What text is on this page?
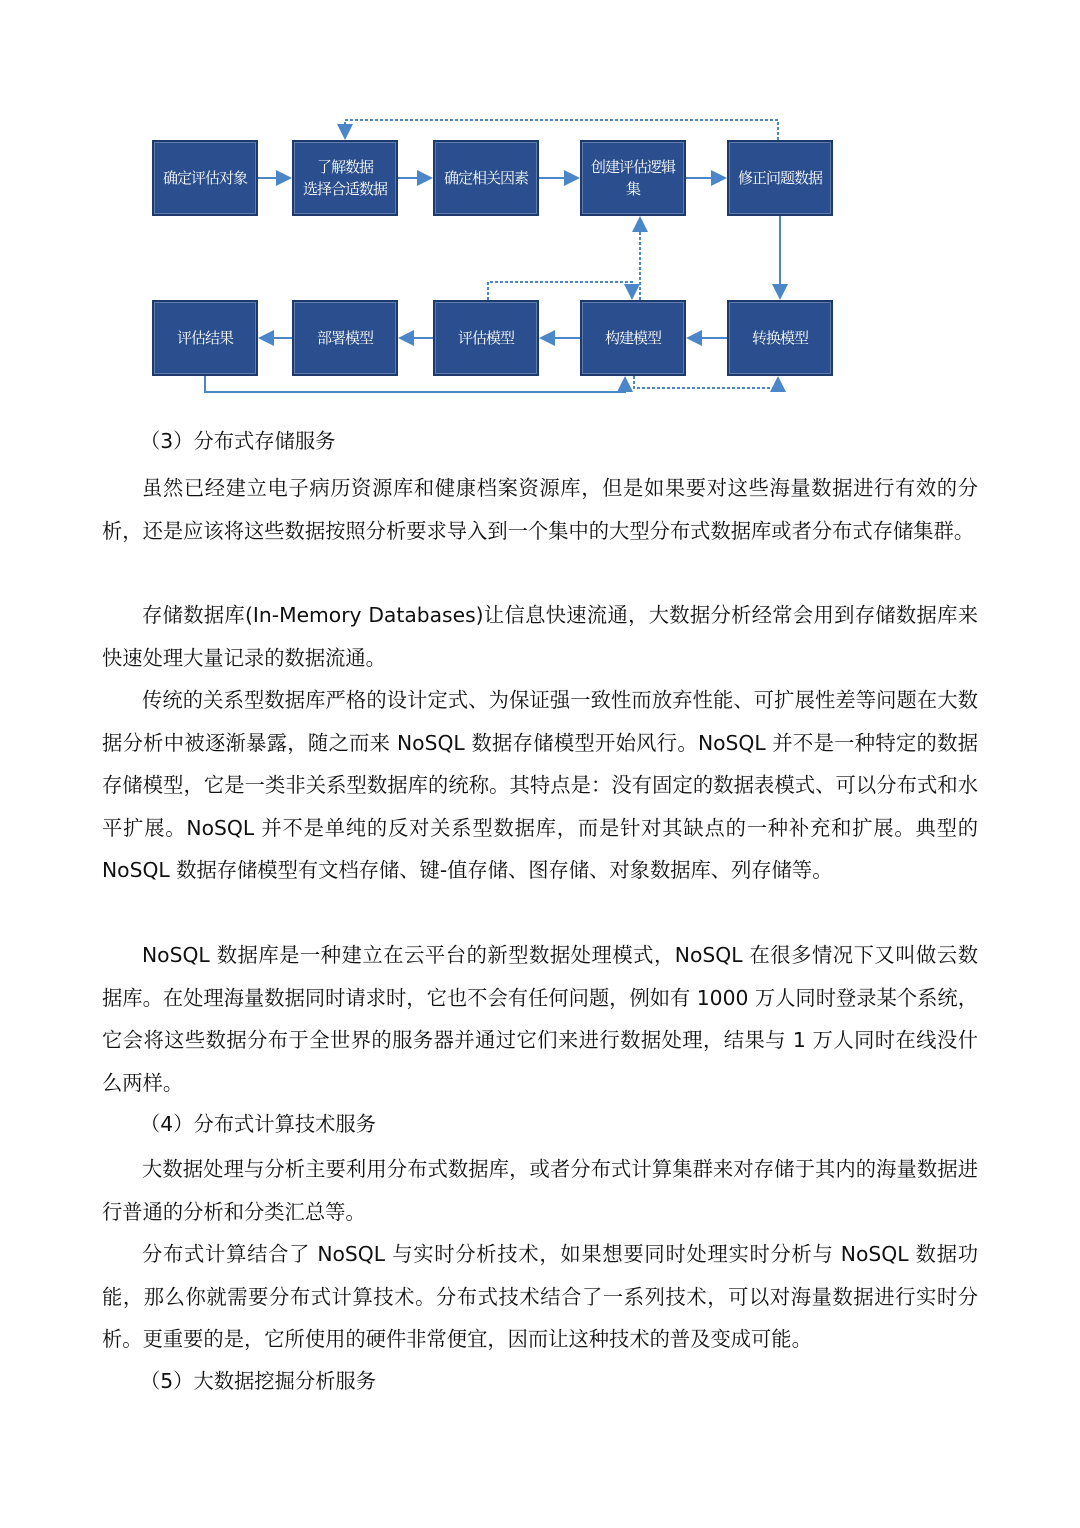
确定评估对象
了解数据
选择合适数据
确定相关因素
创建评估逻辑
集
修正问题数据
评估结果	部署模型	评估模型	构建模型	转换模型
（3）分布式存储服务

虽然已经建立电子病历资源库和健康档案资源库，但是如果要对这些海量数据进行有效的分析，还是应该将这些数据按照分析要求导入到一个集中的大型分布式数据库或者分布式存储集群。

存储数据库(In-Memory Databases)让信息快速流通，大数据分析经常会用到存储数据库来快速处理大量记录的数据流通。

传统的关系型数据库严格的设计定式、为保证强一致性而放弃性能、可扩展性差等问题在大数据分析中被逐渐暴露，随之而来 NoSQL 数据存储模型开始风行。NoSQL 并不是一种特定的数据存储模型，它是一类非关系型数据库的统称。其特点是：没有固定的数据表模式、可以分布式和水平扩展。NoSQL 并不是单纯的反对关系型数据库，而是针对其缺点的一种补充和扩展。典型的 NoSQL 数据存储模型有文档存储、键-值存储、图存储、对象数据库、列存储等。

NoSQL 数据库是一种建立在云平台的新型数据处理模式，NoSQL 在很多情况下又叫做云数据库。在处理海量数据同时请求时，它也不会有任何问题，例如有 1000 万人同时登录某个系统，它会将这些数据分布于全世界的服务器并通过它们来进行数据处理，结果与 1 万人同时在线没什么两样。

（4）分布式计算技术服务

大数据处理与分析主要利用分布式数据库，或者分布式计算集群来对存储于其内的海量数据进行普通的分析和分类汇总等。

分布式计算结合了 NoSQL 与实时分析技术，如果想要同时处理实时分析与 NoSQL 数据功能，那么你就需要分布式计算技术。分布式技术结合了一系列技术，可以对海量数据进行实时分析。更重要的是，它所使用的硬件非常便宜，因而让这种技术的普及变成可能。

（5）大数据挖掘分析服务
